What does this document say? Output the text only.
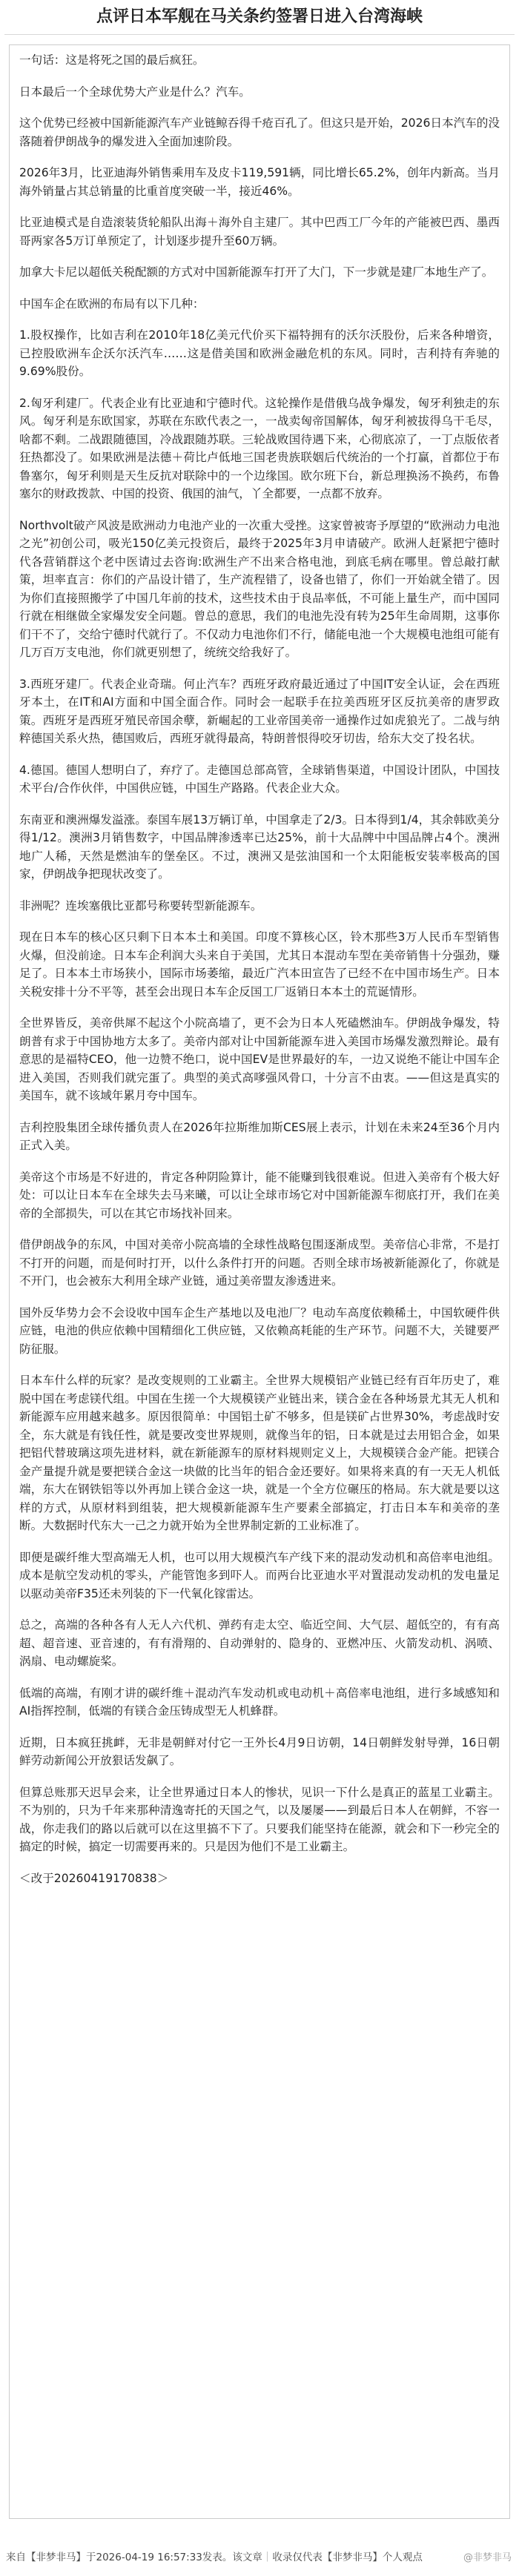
点评日本军舰在马关条约签署日进入台湾海峡

一句话：这是将死之国的最后疯狂。

日本最后一个全球优势大产业是什么？汽车。

这个优势已经被中国新能源汽车产业链鲸吞得千疮百孔了。但这只是开始，2026日本汽车的没落随着伊朗战争的爆发进入全面加速阶段。

2026年3月，比亚迪海外销售乘用车及皮卡119,591辆，同比增长65.2%，创年内新高。当月海外销量占其总销量的比重首度突破一半，接近46%。

比亚迪模式是自造滚装货轮船队出海＋海外自主建厂。其中巴西工厂今年的产能被巴西、墨西哥两家各5万订单预定了，计划逐步提升至60万辆。

加拿大卡尼以超低关税配额的方式对中国新能源车打开了大门，下一步就是建厂本地生产了。

中国车企在欧洲的布局有以下几种：

1.股权操作，比如吉利在2010年18亿美元代价买下福特拥有的沃尔沃股份，后来各种增资，已控股欧洲车企沃尔沃汽车……这是借美国和欧洲金融危机的东风。同时，吉利持有奔驰的9.69%股份。

2.匈牙利建厂。代表企业有比亚迪和宁德时代。这轮操作是借俄乌战争爆发，匈牙利独走的东风。匈牙利是东欧国家，苏联在东欧代表之一，一战卖匈帝国解体，匈牙利被拔得乌干毛尽，啥都不剩。二战跟随德国，冷战跟随苏联。三轮战败国待遇下来，心彻底凉了，一丁点版依者狂热都没了。如果欧洲是法德＋荷比卢低地三国老贵族联姻后代统治的一个打赢，首都位于布鲁塞尔，匈牙利则是天生反抗对联除中的一个边缘国。欧尔班下台，新总理换汤不换药，布鲁塞尔的财政拨款、中国的投资、俄国的油气，丫全都要，一点都不放弃。

Northvolt破产风波是欧洲动力电池产业的一次重大受挫。这家曾被寄予厚望的“欧洲动力电池之光”初创公司，吸光150亿美元投资后，最终于2025年3月申请破产。欧洲人赶紧把宁德时代各营销群这个老中医请过去咨询:欧洲生产不出来合格电池，到底毛病在哪里。曾总敲打献策，坦率直言：你们的产品设计错了，生产流程错了，设备也错了，你们一开始就全错了。因为你们直接照搬学了中国几年前的技术，这些技术由于良品率低，不可能上量生产，而中国同行就在相继做全家爆发安全问题。曾总的意思，我们的电池先没有转为25年生命周期，这事你们干不了，交给宁德时代就行了。不仅动力电池你们不行，储能电池一个大规模电池组可能有几万百万支电池，你们就更别想了，统统交给我好了。

3.西班牙建厂。代表企业奇瑞。何止汽车？西班牙政府最近通过了中国IT安全认证，会在西班牙本土，在IT和AI方面和中国全面合作。同时会一起联手在拉美西班牙区反抗美帝的唐罗政策。西班牙是西班牙殖民帝国余孽，新崛起的工业帝国美帝一通操作过如虎狼光了。二战与纳粹德国关系火热，德国败后，西班牙就得最高，特朗普恨得咬牙切齿，给东大交了投名状。

4.德国。德国人想明白了，弃疗了。走德国总部高管，全球销售渠道，中国设计团队，中国技术平台/合作伙伴，中国供应链，中国生产路路。代表企业大众。

东南亚和澳洲爆发溢涨。泰国车展13万辆订单，中国拿走了2/3。日本得到1/4，其余韩欧美分得1/12。澳洲3月销售数字，中国品牌渗透率已达25%，前十大品牌中中国品牌占4个。澳洲地广人稀，天然是燃油车的堡垒区。不过，澳洲又是弦油国和一个太阳能板安装率极高的国家，伊朗战争把现状改变了。

非洲呢？连埃塞俄比亚都号称要转型新能源车。

现在日本车的核心区只剩下日本本土和美国。印度不算核心区，铃木那些3万人民币车型销售火爆，但没前途。日本车企利润大头来自于美国，尤其日本混动车型在美帝销售十分强劲，赚足了。日本本土市场狭小，国际市场萎缩，最近广汽本田宣告了已经不在中国市场生产。日本关税安排十分不平等，甚至会出现日本车企反国工厂返销日本本土的荒诞情形。

全世界皆反，美帝供犀不起这个小院高墙了，更不会为日本人死磕燃油车。伊朗战争爆发，特朗普有求于中国协地方太多了。美帝内部对让中国新能源车进入美国市场爆发激烈辩论。最有意思的是福特CEO，他一边赞不绝口，说中国EV是世界最好的车，一边又说绝不能让中国车企进入美国，否则我们就完蛋了。典型的美式高嗲强风骨口，十分言不由衷。——但这是真实的美国车，就不该域年累月夸中国车。

吉利控股集团全球传播负责人在2026年拉斯维加斯CES展上表示，计划在未来24至36个月内正式入美。

美帝这个市场是不好进的，肯定各种阴险算计，能不能赚到钱很难说。但进入美帝有个极大好处：可以让日本车在全球失去马来曦，可以让全球市场它对中国新能源车彻底打开，我们在美帝的全部损失，可以在其它市场找补回来。

借伊朗战争的东风，中国对美帝小院高墙的全球性战略包围逐渐成型。美帝信心非常，不是打不打开的问题，而是何时打开，以什么条件打开的问题。否则全球市场被新能源化了，你就是不开门，也会被东大利用全球产业链，通过美帝盟友渗透进来。

国外反华势力会不会设收中国车企生产基地以及电池厂？电动车高度依赖稀土，中国软硬件供应链，电池的供应依赖中国精细化工供应链，又依赖高耗能的生产环节。问题不大，关键要严防征服。

日本车什么样的玩家？是改变规则的工业霸主。全世界大规模铝产业链已经有百年历史了，难脱中国在考虑镁代组。中国在生搓一个大规模镁产业链出来，镁合金在各种场景尤其无人机和新能源车应用越来越多。原因很简单：中国铝土矿不够多，但是镁矿占世界30%，考虑战时安全，东大就是有钱任性，就是要改变世界规则，就像当年的铝，日本就是过去用铝合金，如果把铝代替玻璃这项先进材料，就在新能源车的原材料规则定义上，大规模镁合金产能。把镁合金产量提升就是要把镁合金这一块做的比当年的铝合金还要好。如果将来真的有一天无人机低端，东大在钢铁铝等以外再加上镁合金这一块，就是一个全方位碾压的格局。东大就是要以这样的方式，从原材料到组装，把大规模新能源车生产要素全部搞定，打击日本车和美帝的垄断。大数据时代东大一己之力就开始为全世界制定新的工业标准了。

即便是碳纤维大型高端无人机，也可以用大规模汽车产线下来的混动发动机和高倍率电池组。成本是航空发动机的零头，产能管饱多到吓人。而两台比亚迪水平对置混动发动机的发电量足以驱动美帝F35还未列装的下一代氧化镓雷达。

总之，高端的各种各有人无人六代机、弹药有走太空、临近空间、大气层、超低空的，有有高超、超音速、亚音速的，有有滑翔的、自动弹射的、隐身的、亚燃冲压、火箭发动机、涡喷、涡扇、电动螺旋桨。

低端的高端，有刚才讲的碳纤维＋混动汽车发动机或电动机＋高倍率电池组，进行多域感知和AI指挥控制，低端的有镁合金压铸成型无人机蜂群。

近期，日本疯狂挑衅，无非是朝鲜对付它一王外长4月9日访朝，14日朝鲜发射导弹，16日朝鲜劳动新闻公开放狠话发飙了。

但算总账那天迟早会来，让全世界通过日本人的惨状，见识一下什么是真正的蓝星工业霸主。不为别的，只为千年来那种清逸寄托的天国之气，以及屡屡——到最后日本人在朝鲜，不容一战，你走我们的路以后就可以在这里搞不下了。只要我们能坚持在能源，就会和下一秒完全的搞定的时候，搞定一切需要再来的。只是因为他们不是工业霸主。

＜改于20260419170838＞

来自【非梦非马】于2026-04-19 16:57:33发表。该文章｜收录仅代表【非梦非马】个人观点	@非梦非马
